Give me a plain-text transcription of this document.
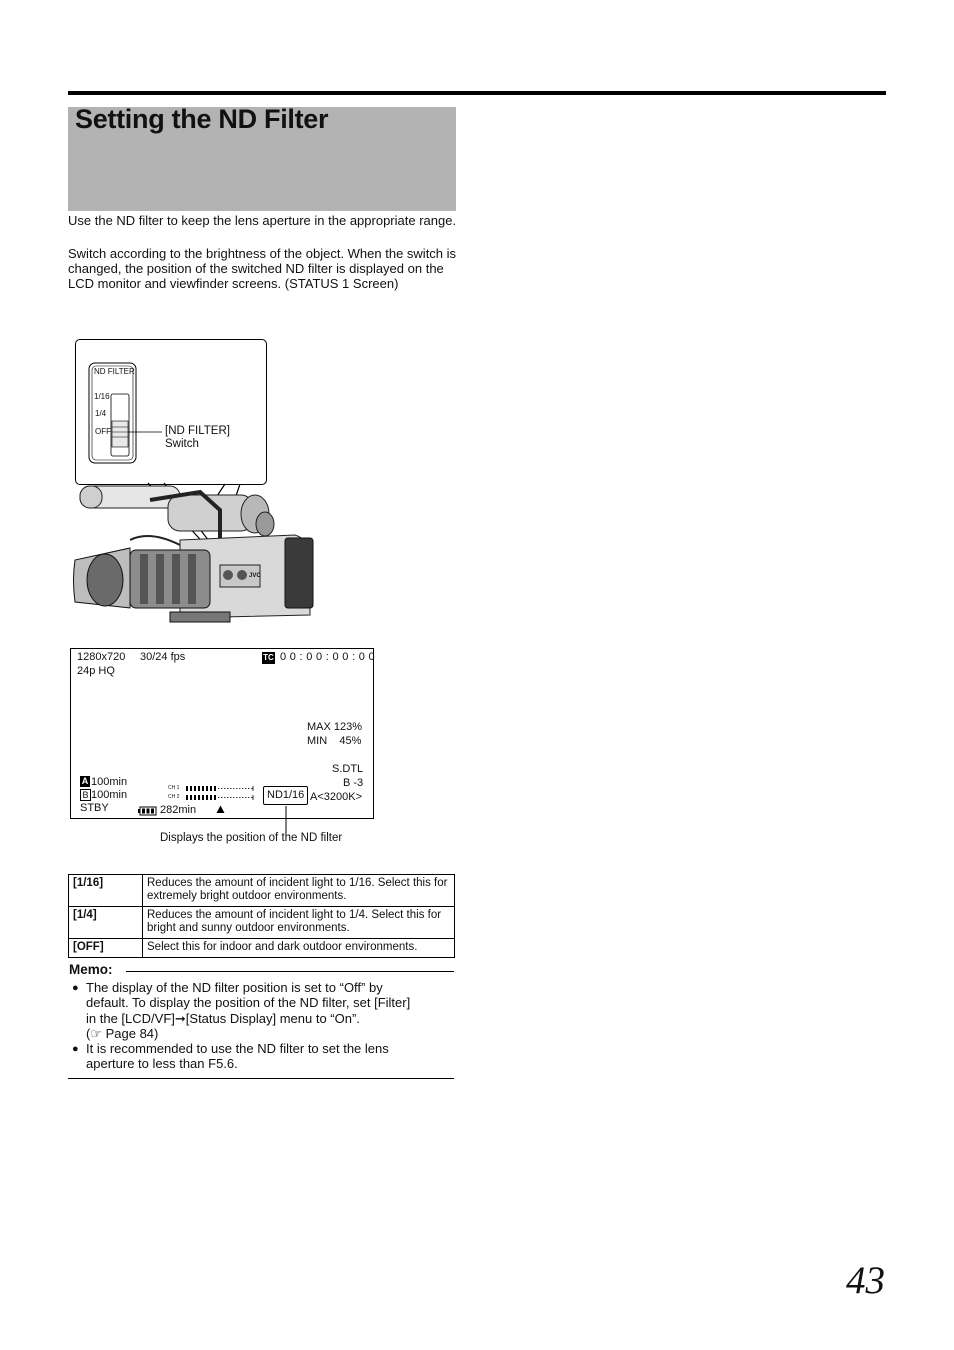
Setting the ND Filter
Use the ND filter to keep the lens aperture in the appropriate range.
Switch according to the brightness of the object. When the switch is changed, the position of the switched ND filter is displayed on the LCD monitor and viewfinder screens. (STATUS 1 Screen)
ND FILTER
1/16
1/4
OFF	[ND FILTER]
Switch
JVC
1280x720 30/24 fps
24p HQ
TC 0 0 : 0 0 : 0 0 : 0 0
MAX 123%
MIN    45%
S.DTL
B -3
ND1/16 A<3200K>
A 100min
B 100min
STBY
CH 1
CH 2
282min
Displays the position of the ND filter
[1/16]	Reduces the amount of incident light to 1/16. Select this for extremely bright outdoor environments.
[1/4]	Reduces the amount of incident light to 1/4. Select this for bright and sunny outdoor environments.
[OFF]	Select this for indoor and dark outdoor environments.
Memo:
● The display of the ND filter position is set to “Off” by
default. To display the position of the ND filter, set [Filter]
in the [LCD/VF]➞[Status Display] menu to “On”.
(☞ Page 84)
● It is recommended to use the ND filter to set the lens aperture to less than F5.6.
43
